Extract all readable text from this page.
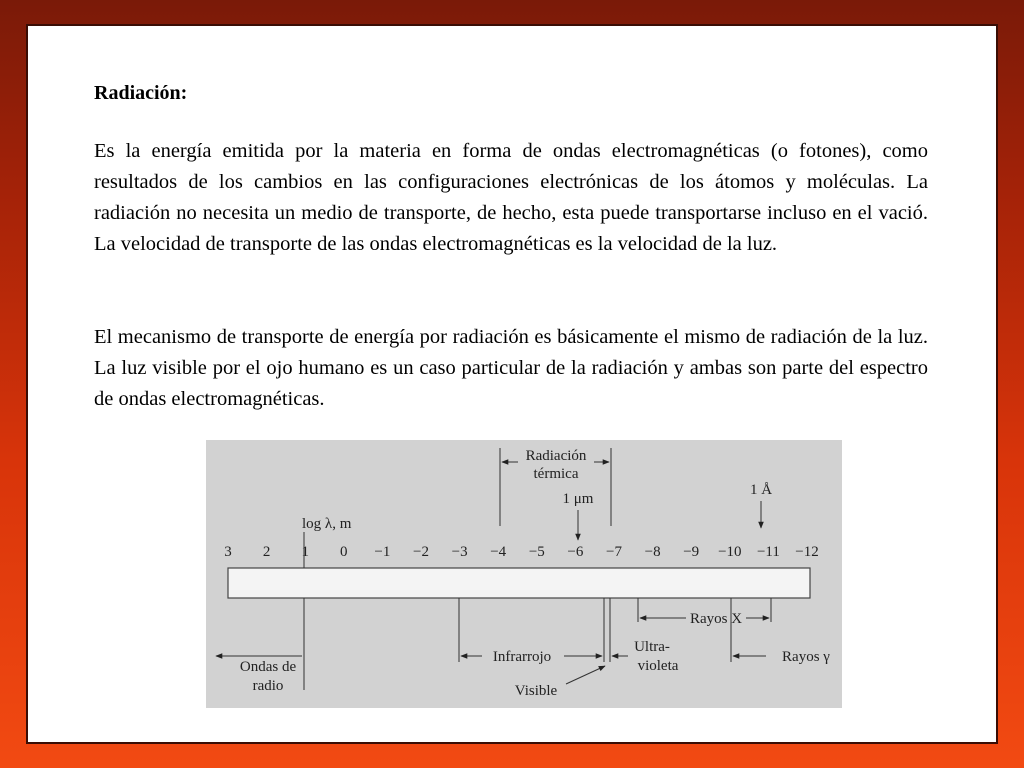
Radiación:
Es la energía emitida por la materia en forma de ondas electromagnéticas (o fotones), como resultados de los cambios en las configuraciones electrónicas de los átomos y moléculas. La radiación no necesita un medio de transporte, de hecho, esta puede transportarse incluso en el vació. La velocidad de transporte de las ondas electromagnéticas es la velocidad de la luz.
El mecanismo de transporte de energía por radiación es básicamente el mismo de radiación de la luz. La luz visible por el ojo humano es un caso particular de la radiación y ambas son parte del espectro de ondas electromagnéticas.
3 2 1 0 −1 −2 −3 −4 −5 −6 −7 −8 −9 −10 −11 −12
log λ, m
Radiación
térmica
1 μm
1 Å
Rayos X
Ondas de
radio
Infrarrojo
Ultra-
violeta
Rayos γ
Visible
